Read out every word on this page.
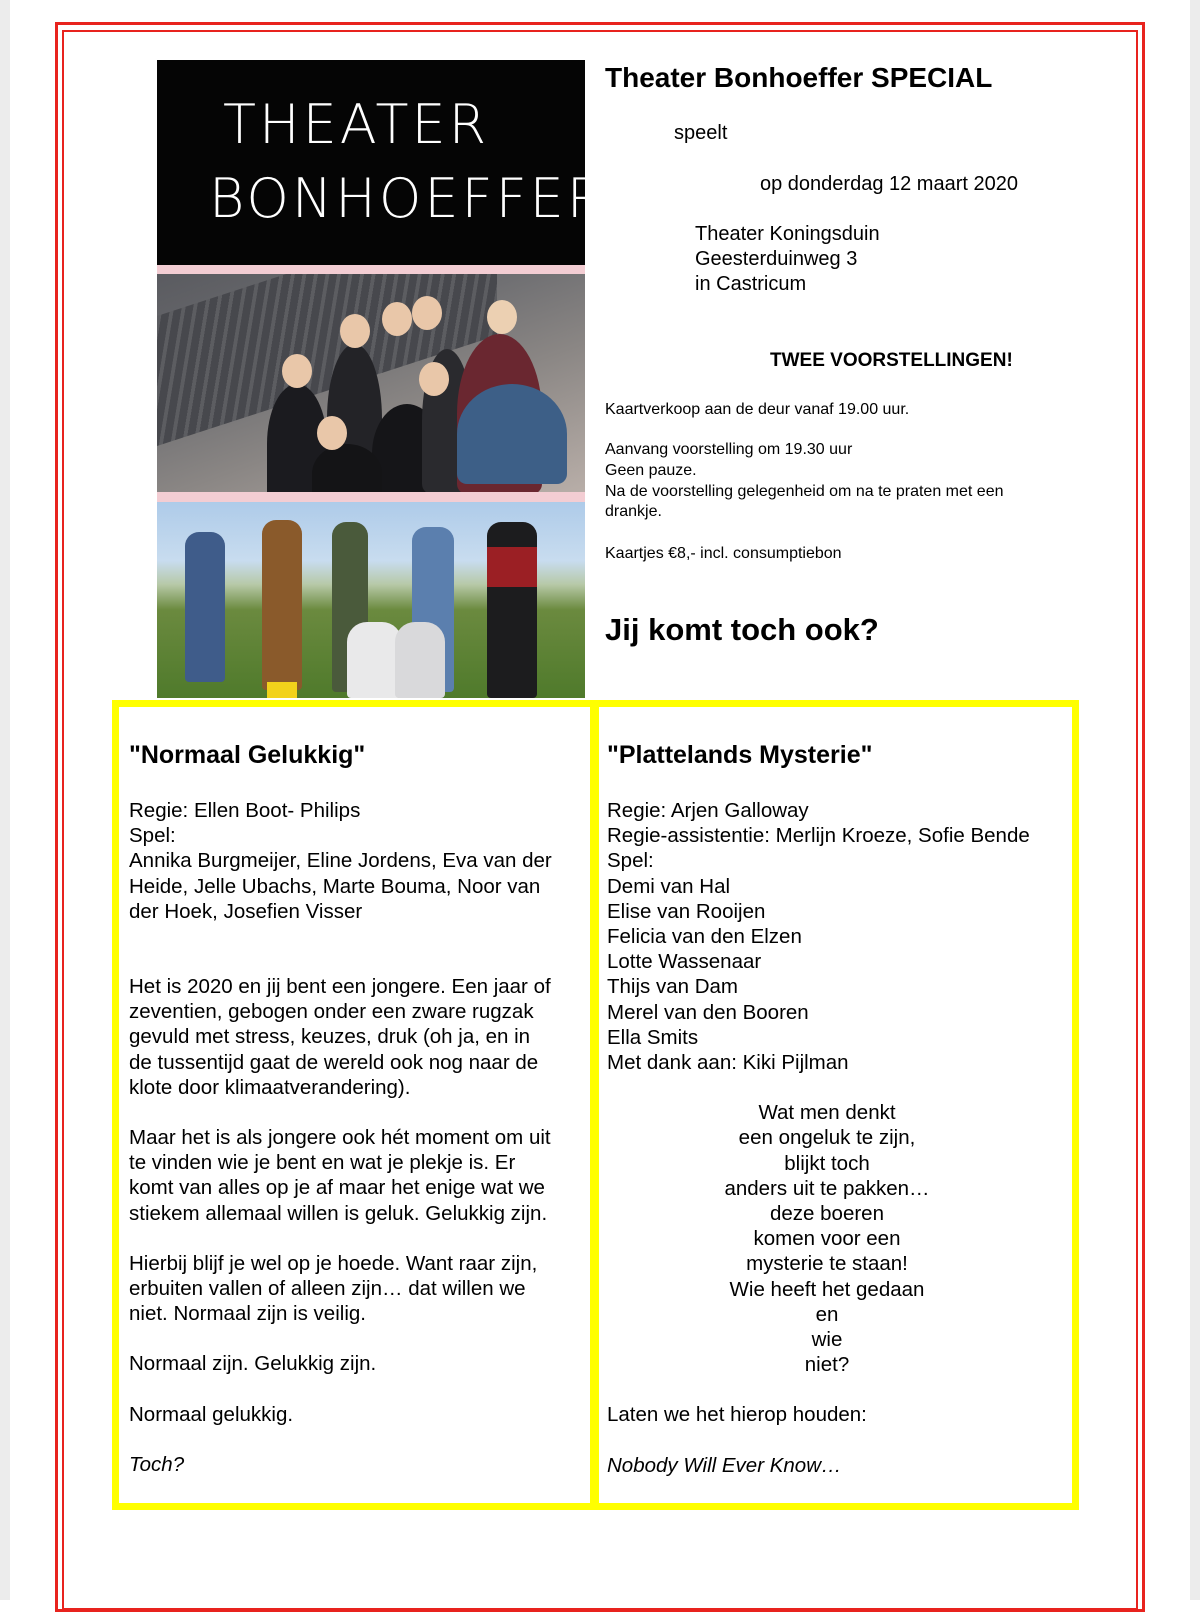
THEATER
BONHOEFFER
Theater Bonhoeffer SPECIAL
speelt
op donderdag 12 maart 2020
Theater Koningsduin
Geesterduinweg 3
in Castricum
TWEE VOORSTELLINGEN!
Kaartverkoop aan de deur vanaf 19.00 uur.
Aanvang voorstelling om 19.30 uur
Geen pauze.
Na de voorstelling gelegenheid om na te praten met een
drankje.
Kaartjes €8,- incl. consumptiebon
Jij komt toch ook?
"Normaal Gelukkig"

Regie: Ellen Boot- Philips

Spel:

Annika Burgmeijer, Eline Jordens, Eva van der

Heide, Jelle Ubachs, Marte Bouma, Noor van

der Hoek, Josefien Visser

Het is 2020 en jij bent een jongere. Een jaar of

zeventien, gebogen onder een zware rugzak

gevuld met stress, keuzes, druk (oh ja, en in

de tussentijd gaat de wereld ook nog naar de

klote door klimaatverandering).

Maar het is als jongere ook hét moment om uit

te vinden wie je bent en wat je plekje is. Er

komt van alles op je af maar het enige wat we

stiekem allemaal willen is geluk. Gelukkig zijn.

Hierbij blijf je wel op je hoede. Want raar zijn,

erbuiten vallen of alleen zijn… dat willen we

niet. Normaal zijn is veilig.

Normaal zijn. Gelukkig zijn.

Normaal gelukkig.

Toch?

"Plattelands Mysterie"

Regie: Arjen Galloway

Regie-assistentie: Merlijn Kroeze, Sofie Bende

Spel:

Demi van Hal

Elise van Rooijen

Felicia van den Elzen

Lotte Wassenaar

Thijs van Dam

Merel van den Booren

Ella Smits

Met dank aan: Kiki Pijlman

Wat men denkt

een ongeluk te zijn,

blijkt toch

anders uit te pakken…

deze boeren

komen voor een

mysterie te staan!

Wie heeft het gedaan

en

wie

niet?

Laten we het hierop houden:

Nobody Will Ever Know…
